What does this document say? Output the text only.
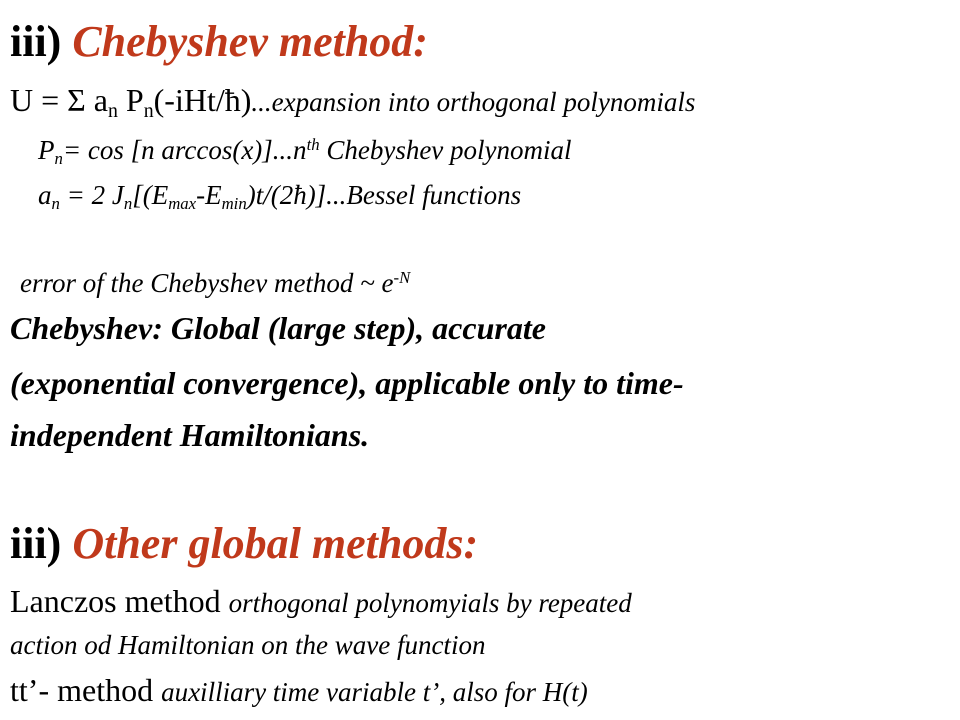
iii) Chebyshev method:
U = Σ $a_n$ $P_n(-iHt/ħ)...expansion$ into orthogonal polynomials
$P_n= \cos [n$ $\arccos(x)]...n^{th}$ Chebyshev polynomial
$a_n = 2$ $J_n[(E_{max}-E_{min})t/(2ħ)]...Bessel$ functions
error of the Chebyshev method ~ $e^{-N}$
Chebyshev: Global (large step), accurate
(exponential convergence), applicable only to time-
independent Hamiltonians.
iii) Other global methods:
Lanczos method orthogonal polynomyials by repeated
action od Hamiltonian on the wave function
tt’- method auxilliary time variable t’, also for H(t)
